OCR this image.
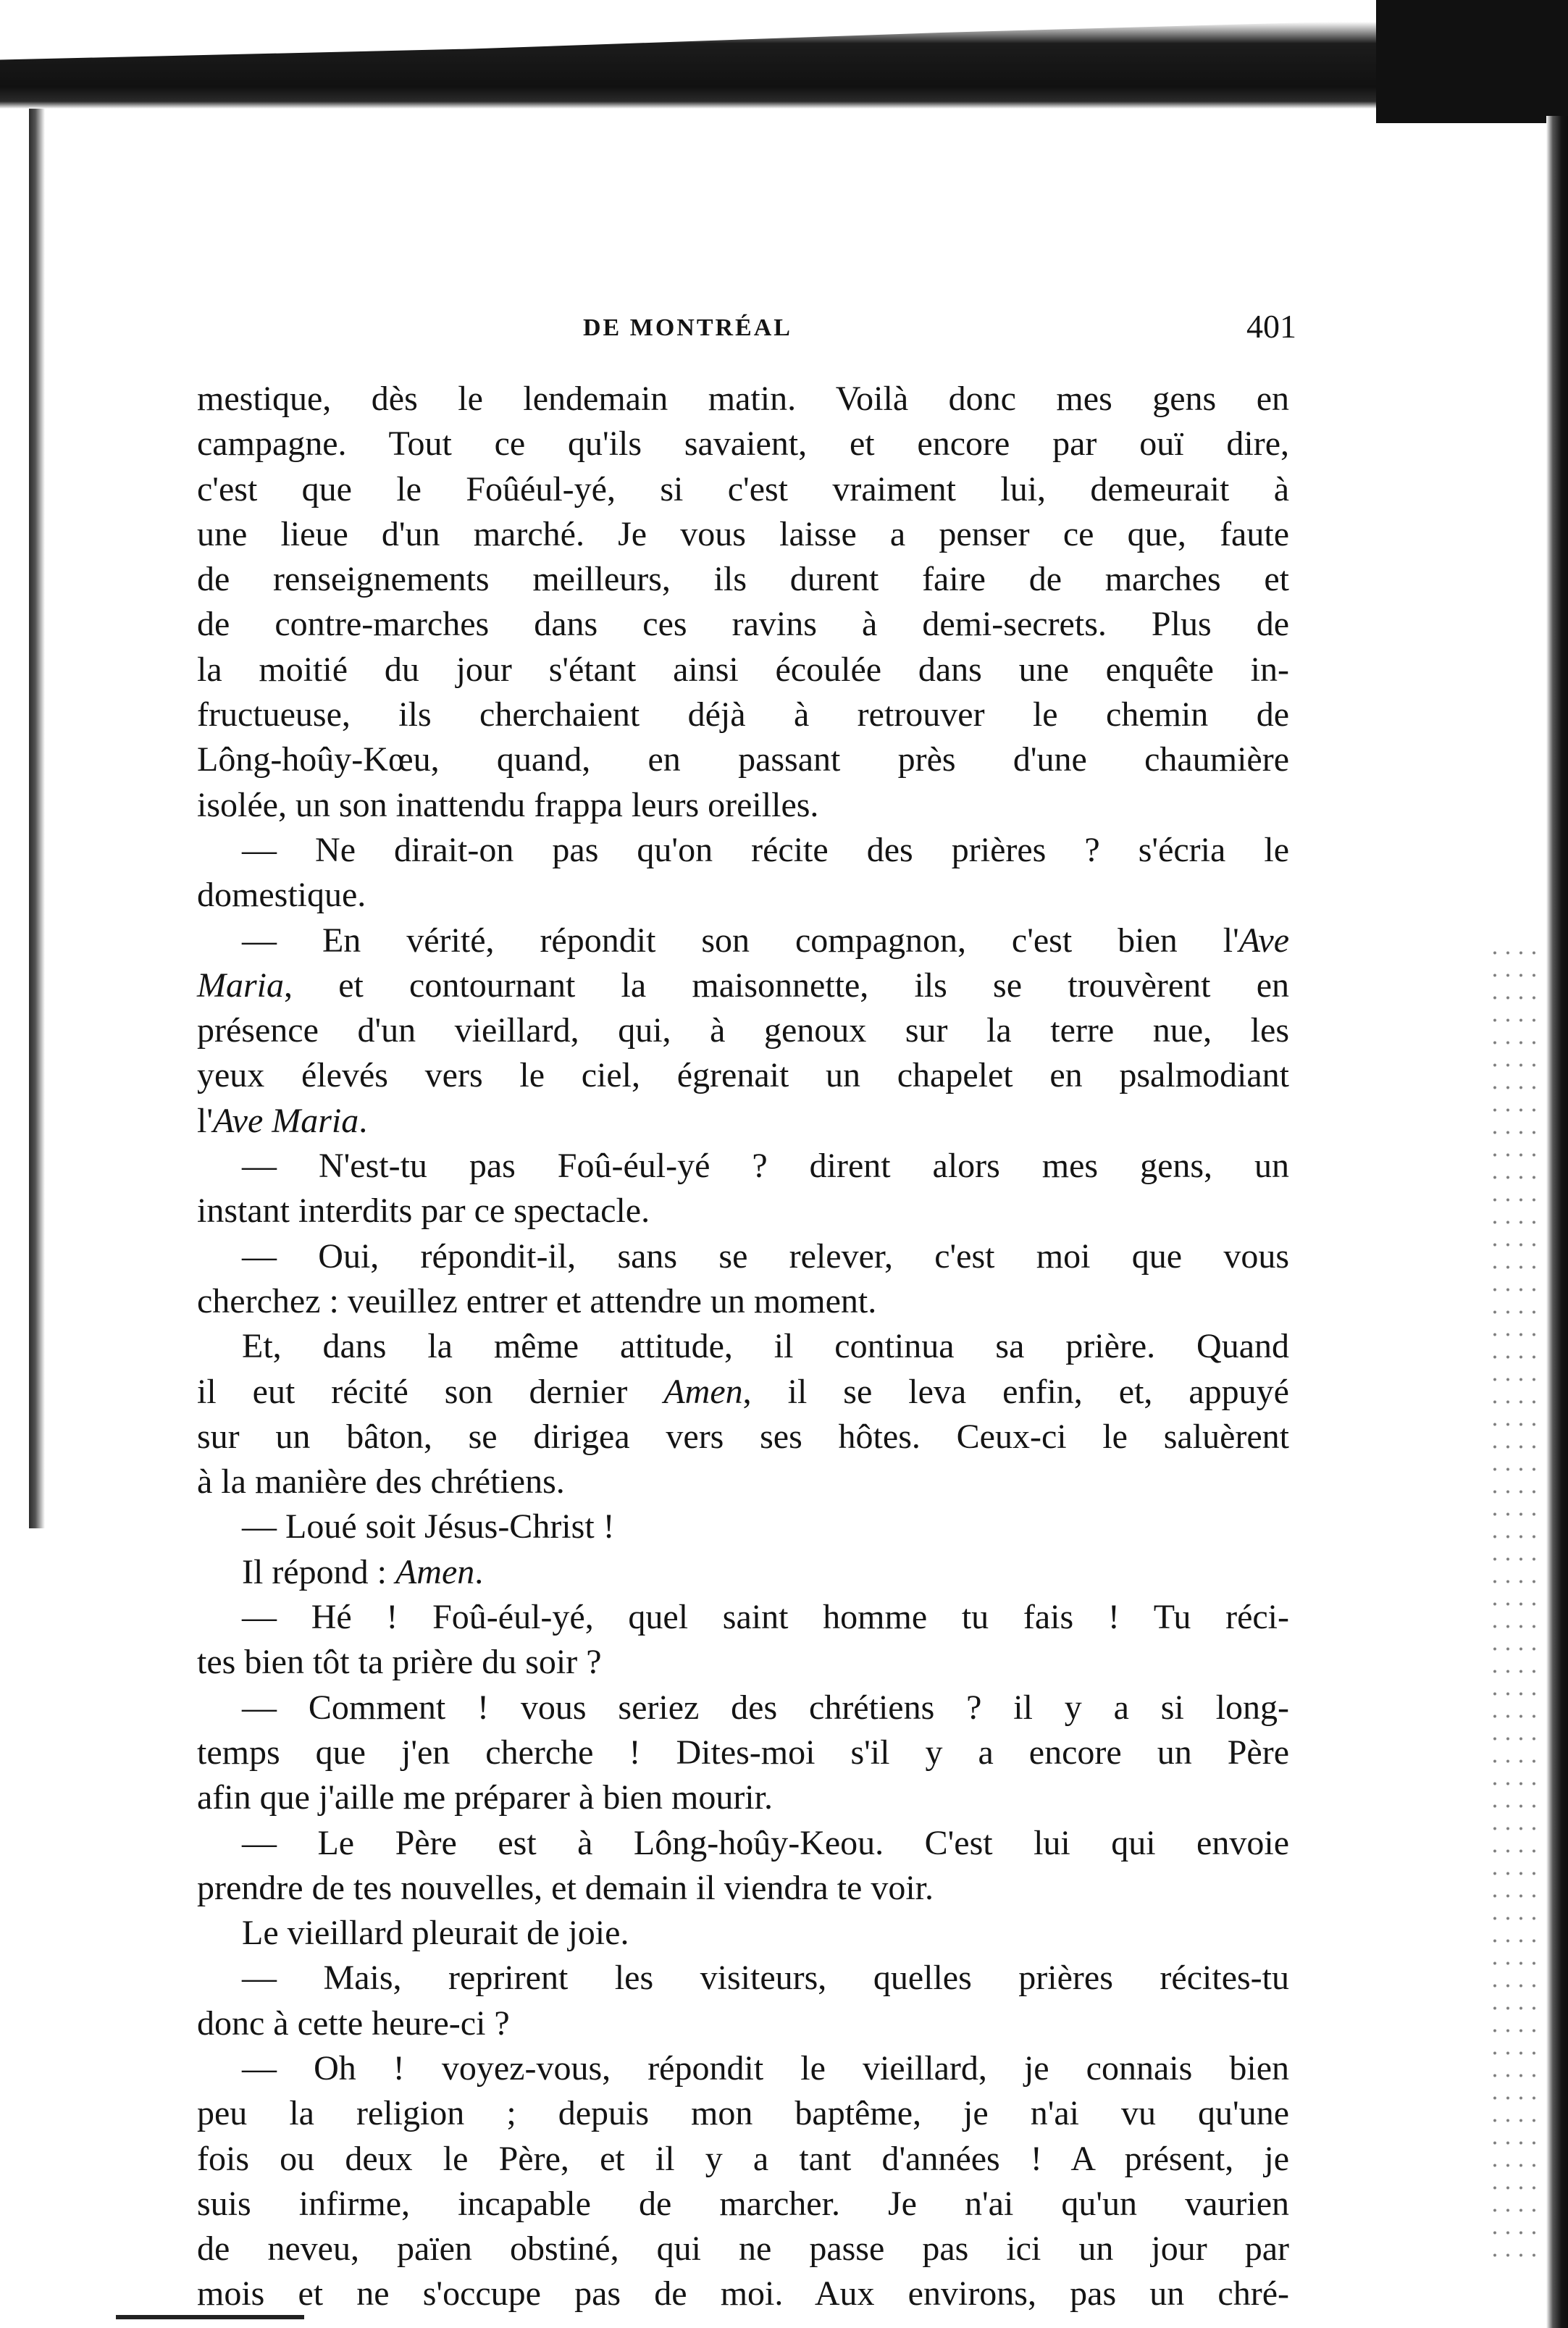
DE MONTRÉAL	401
mestique, dès le lendemain matin. Voilà donc mes gens en
campagne. Tout ce qu'ils savaient, et encore par ouï dire,
c'est que le Foûéul-yé, si c'est vraiment lui, demeurait à
une lieue d'un marché. Je vous laisse a penser ce que, faute
de renseignements meilleurs, ils durent faire de marches et
de contre-marches dans ces ravins à demi-secrets. Plus de
la moitié du jour s'étant ainsi écoulée dans une enquête in-
fructueuse, ils cherchaient déjà à retrouver le chemin de
Lông-hoûy-Kœu, quand, en passant près d'une chaumière
isolée, un son inattendu frappa leurs oreilles.
— Ne dirait-on pas qu'on récite des prières ? s'écria le
domestique.
— En vérité, répondit son compagnon, c'est bien l'Ave
Maria, et contournant la maisonnette, ils se trouvèrent en
présence d'un vieillard, qui, à genoux sur la terre nue, les
yeux élevés vers le ciel, égrenait un chapelet en psalmodiant
l'Ave Maria.
— N'est-tu pas Foû-éul-yé ? dirent alors mes gens, un
instant interdits par ce spectacle.
— Oui, répondit-il, sans se relever, c'est moi que vous
cherchez : veuillez entrer et attendre un moment.
Et, dans la même attitude, il continua sa prière. Quand
il eut récité son dernier Amen, il se leva enfin, et, appuyé
sur un bâton, se dirigea vers ses hôtes. Ceux-ci le saluèrent
à la manière des chrétiens.
— Loué soit Jésus-Christ !
Il répond : Amen.
— Hé ! Foû-éul-yé, quel saint homme tu fais ! Tu réci-
tes bien tôt ta prière du soir ?
— Comment ! vous seriez des chrétiens ? il y a si long-
temps que j'en cherche ! Dites-moi s'il y a encore un Père
afin que j'aille me préparer à bien mourir.
— Le Père est à Lông-hoûy-Keou. C'est lui qui envoie
prendre de tes nouvelles, et demain il viendra te voir.
Le vieillard pleurait de joie.
— Mais, reprirent les visiteurs, quelles prières récites-tu
donc à cette heure-ci ?
— Oh ! voyez-vous, répondit le vieillard, je connais bien
peu la religion ; depuis mon baptême, je n'ai vu qu'une
fois ou deux le Père, et il y a tant d'années ! A présent, je
suis infirme, incapable de marcher. Je n'ai qu'un vaurien
de neveu, païen obstiné, qui ne passe pas ici un jour par
mois et ne s'occupe pas de moi. Aux environs, pas un chré-
